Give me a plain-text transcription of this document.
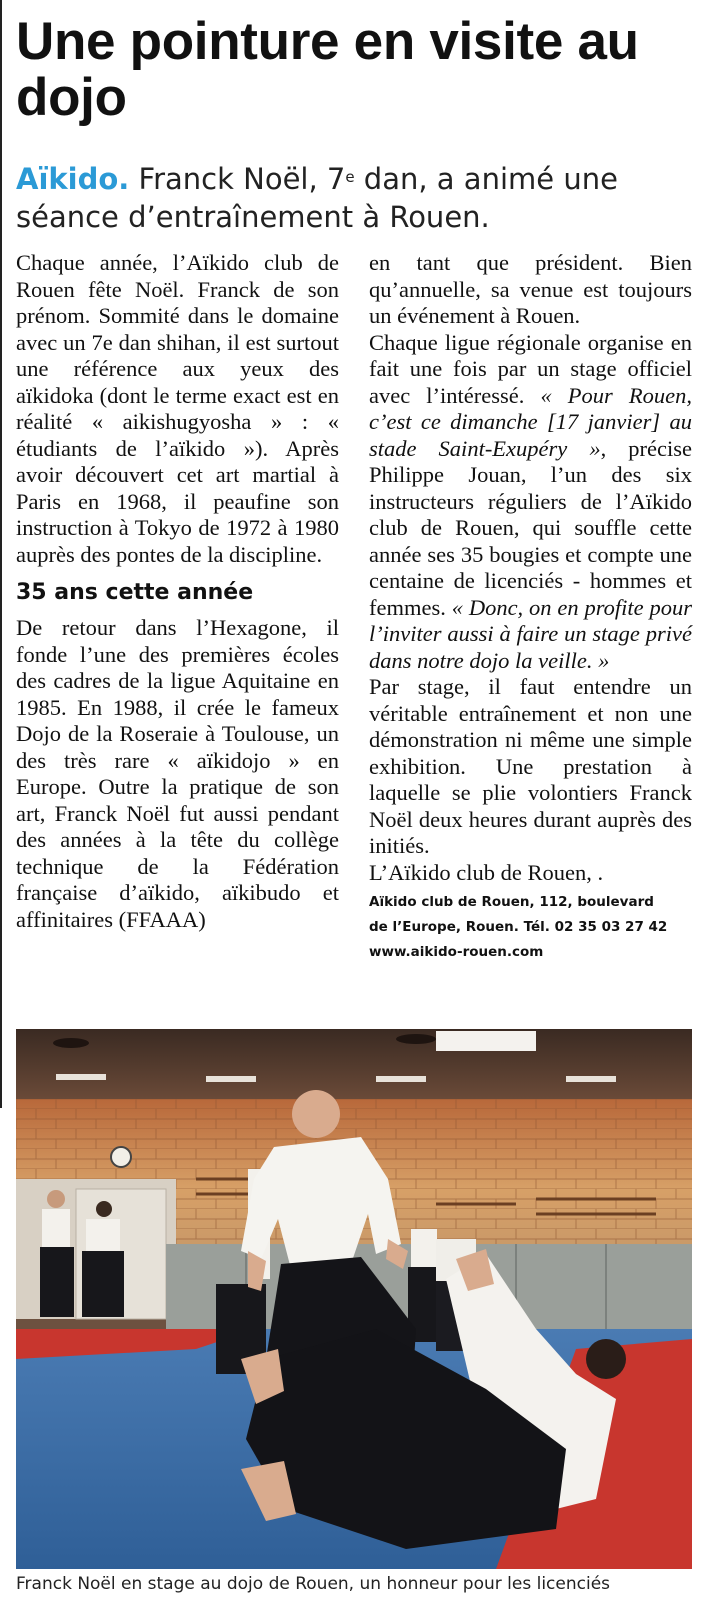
Une pointure en visite au dojo
Aïkido. Franck Noël, 7e dan, a animé une séance d’entraînement à Rouen.

Chaque année, l’Aïkido club de Rouen fête Noël. Franck de son prénom. Sommité dans le domaine avec un 7e dan shihan, il est surtout une référence aux yeux des aïkidoka (dont le terme exact est en réalité « aikishugyosha » : « étudiants de l’aïkido »). Après avoir découvert cet art martial à Paris en 1968, il peaufine son instruction à Tokyo de 1972 à 1980 auprès des pontes de la discipline.

35 ans cette année

De retour dans l’Hexagone, il fonde l’une des premières écoles des cadres de la ligue Aquitaine en 1985. En 1988, il crée le fameux Dojo de la Roseraie à Toulouse, un des très rare « aïkidojo » en Europe. Outre la pratique de son art, Franck Noël fut aussi pendant des années à la tête du collège technique de la Fédération française d’aïkido, aïkibudo et affinitaires (FFAAA)

en tant que président. Bien qu’annuelle, sa venue est toujours un événement à Rouen.

Chaque ligue régionale organise en fait une fois par un stage officiel avec l’intéressé. « Pour Rouen, c’est ce dimanche [17 janvier] au stade Saint-Exupéry », précise Philippe Jouan, l’un des six instructeurs réguliers de l’Aïkido club de Rouen, qui souffle cette année ses 35 bougies et compte une centaine de licenciés - hommes et femmes. « Donc, on en profite pour l’inviter aussi à faire un stage privé dans notre dojo la veille. »

Par stage, il faut entendre un véritable entraînement et non une démonstration ni même une simple exhibition. Une prestation à laquelle se plie volontiers Franck Noël deux heures durant auprès des initiés.

L’Aïkido club de Rouen, .

Aïkido club de Rouen, 112, boulevard

de l’Europe, Rouen. Tél. 02 35 03 27 42

www.aikido-rouen.com

Franck Noël en stage au dojo de Rouen, un honneur pour les licenciés
